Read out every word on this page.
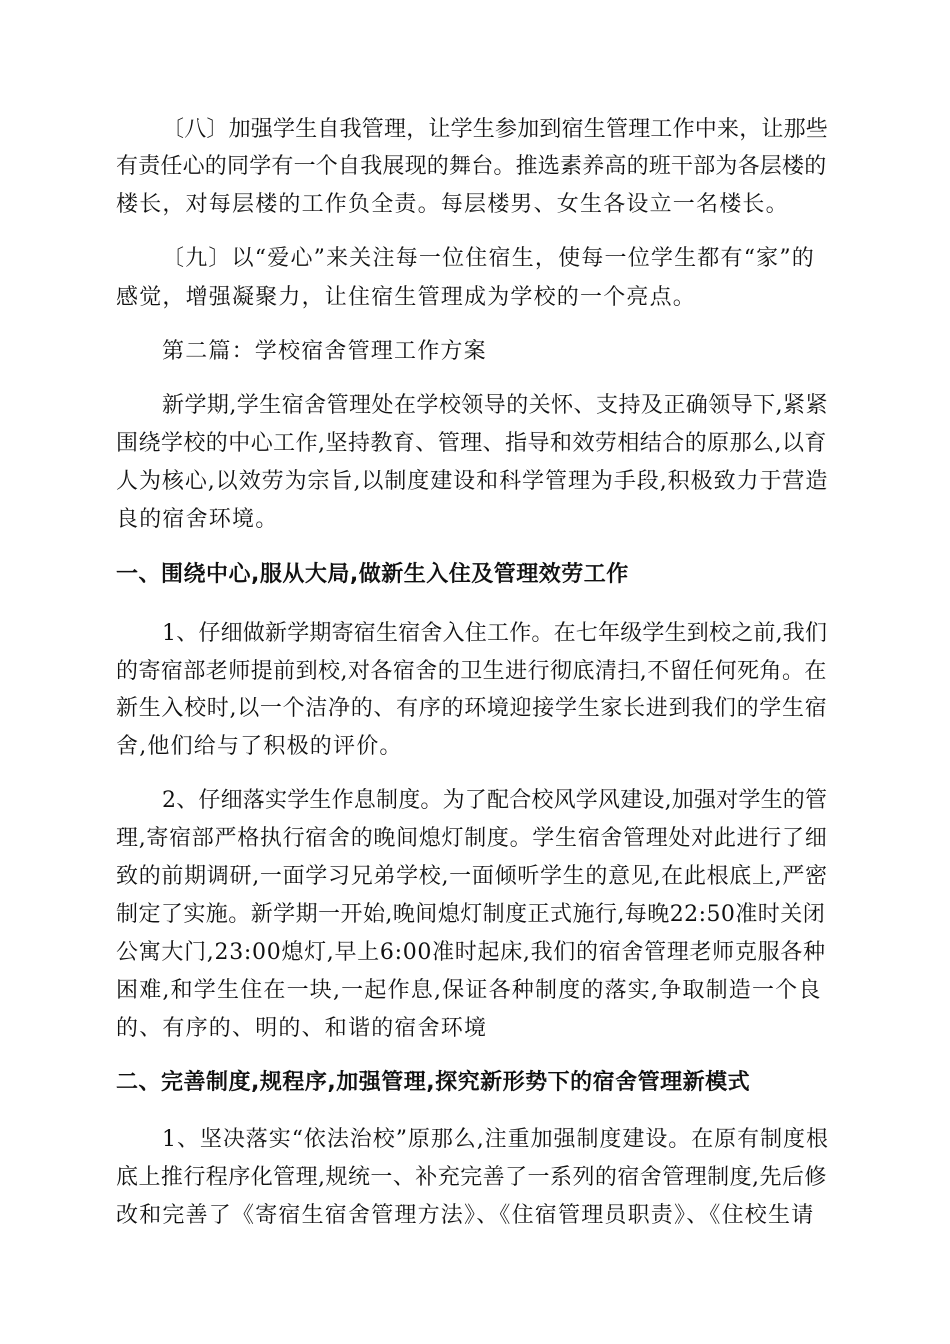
〔八〕加强学生自我管理，让学生参加到宿生管理工作中来，让那些
有责任心的同学有一个自我展现的舞台。推选素养高的班干部为各层楼的
楼长，对每层楼的工作负全责。每层楼男、女生各设立一名楼长。
〔九〕以“爱心”来关注每一位住宿生，使每一位学生都有“家”的
感觉，增强凝聚力，让住宿生管理成为学校的一个亮点。
第二篇：学校宿舍管理工作方案
新学期,学生宿舍管理处在学校领导的关怀、支持及正确领导下,紧紧
围绕学校的中心工作,坚持教育、管理、指导和效劳相结合的原那么,以育
人为核心,以效劳为宗旨,以制度建设和科学管理为手段,积极致力于营造
良的宿舍环境。
一、围绕中心,服从大局,做新生入住及管理效劳工作
1、仔细做新学期寄宿生宿舍入住工作。在七年级学生到校之前,我们
的寄宿部老师提前到校,对各宿舍的卫生进行彻底清扫,不留任何死角。在
新生入校时,以一个洁净的、有序的环境迎接学生家长进到我们的学生宿
舍,他们给与了积极的评价。
2、仔细落实学生作息制度。为了配合校风学风建设,加强对学生的管
理,寄宿部严格执行宿舍的晚间熄灯制度。学生宿舍管理处对此进行了细
致的前期调研,一面学习兄弟学校,一面倾听学生的意见,在此根底上,严密
制定了实施。新学期一开始,晚间熄灯制度正式施行,每晚22:50准时关闭
公寓大门,23:00熄灯,早上6:00准时起床,我们的宿舍管理老师克服各种
困难,和学生住在一块,一起作息,保证各种制度的落实,争取制造一个良
的、有序的、明的、和谐的宿舍环境
二、完善制度,规程序,加强管理,探究新形势下的宿舍管理新模式
1、坚决落实“依法治校”原那么,注重加强制度建设。在原有制度根
底上推行程序化管理,规统一、补充完善了一系列的宿舍管理制度,先后修
改和完善了《寄宿生宿舍管理方法》、《住宿管理员职责》、《住校生请
